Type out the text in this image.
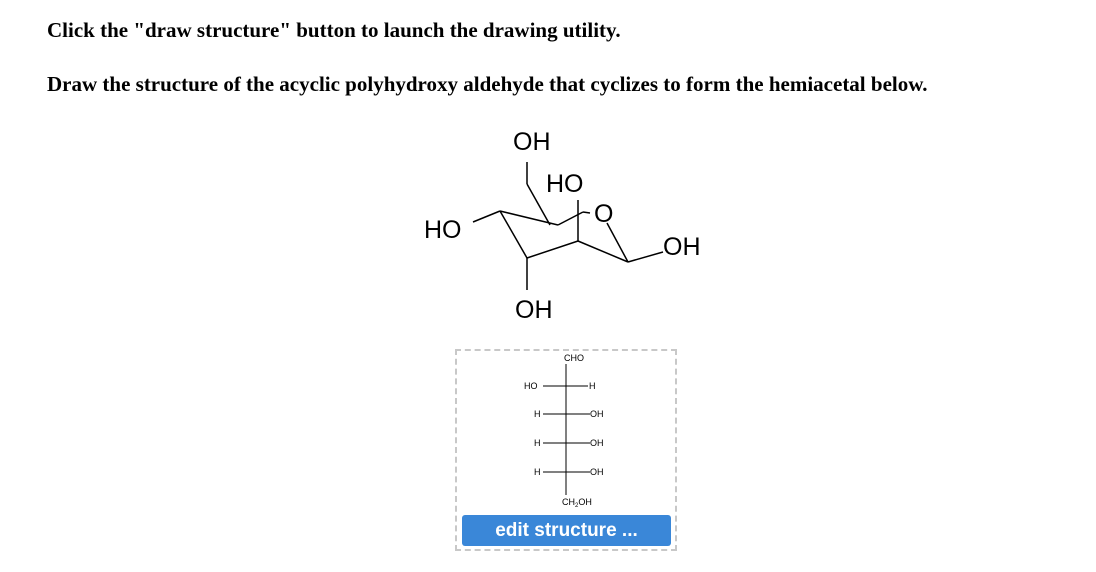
Click the "draw structure" button to launch the drawing utility.
Draw the structure of the acyclic polyhydroxy aldehyde that cyclizes to form the hemiacetal below.
OH
HO
O
HO
OH
OH
CHO
HO	H
H	OH
H	OH
H	OH
$CH_2OH$
edit structure ...
